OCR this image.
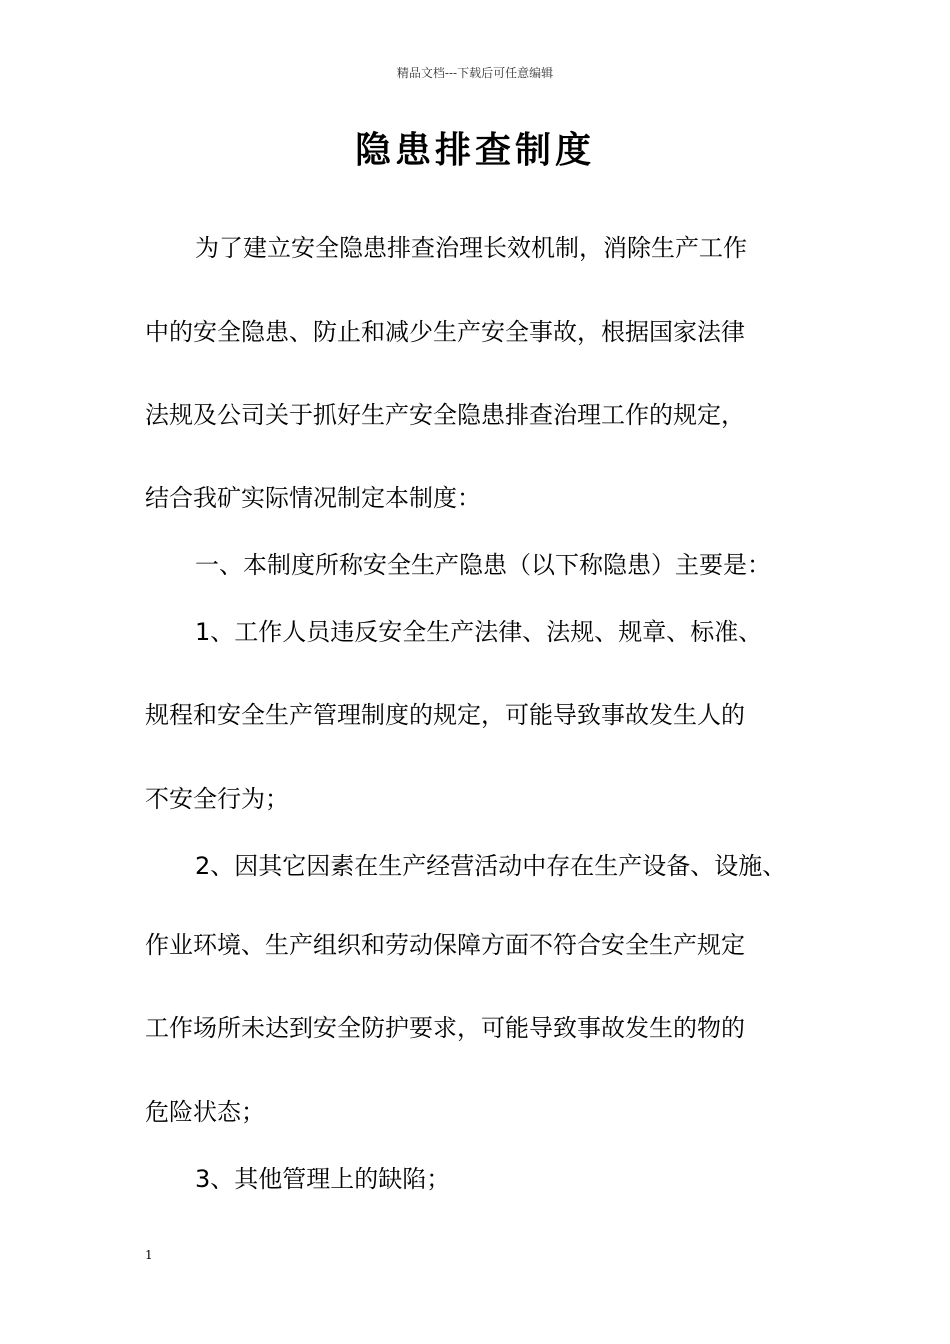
精品文档---下载后可任意编辑
隐患排查制度
为了建立安全隐患排查治理长效机制，消除生产工作
中的安全隐患、防止和减少生产安全事故，根据国家法律
法规及公司关于抓好生产安全隐患排查治理工作的规定，
结合我矿实际情况制定本制度：
一、本制度所称安全生产隐患（以下称隐患）主要是：
1、工作人员违反安全生产法律、法规、规章、标准、
规程和安全生产管理制度的规定，可能导致事故发生人的
不安全行为；
2、因其它因素在生产经营活动中存在生产设备、设施、
作业环境、生产组织和劳动保障方面不符合安全生产规定
工作场所未达到安全防护要求，可能导致事故发生的物的
危险状态；
3、其他管理上的缺陷；
1
